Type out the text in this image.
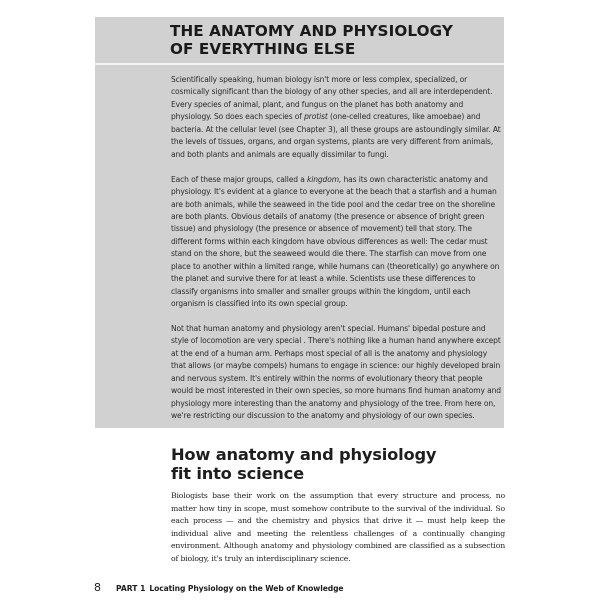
THE ANATOMY AND PHYSIOLOGY
OF EVERYTHING ELSE

Scientifically speaking, human biology isn't more or less complex, specialized, or cosmically significant than the biology of any other species, and all are interdependent. Every species of animal, plant, and fungus on the planet has both anatomy and physiology. So does each species of protist (one-celled creatures, like amoebae) and bacteria. At the cellular level (see Chapter 3), all these groups are astoundingly similar. At the levels of tissues, organs, and organ systems, plants are very different from animals, and both plants and animals are equally dissimilar to fungi.

Each of these major groups, called a kingdom, has its own characteristic anatomy and physiology. It's evident at a glance to everyone at the beach that a starfish and a human are both animals, while the seaweed in the tide pool and the cedar tree on the shoreline are both plants. Obvious details of anatomy (the presence or absence of bright green tissue) and physiology (the presence or absence of movement) tell that story. The different forms within each kingdom have obvious differences as well: The cedar must stand on the shore, but the seaweed would die there. The starfish can move from one place to another within a limited range, while humans can (theoretically) go anywhere on the planet and survive there for at least a while. Scientists use these differences to classify organisms into smaller and smaller groups within the kingdom, until each organism is classified into its own special group.

Not that human anatomy and physiology aren't special. Humans' bipedal posture and style of locomotion are very special . There's nothing like a human hand anywhere except at the end of a human arm. Perhaps most special of all is the anatomy and physiology that allows (or maybe compels) humans to engage in science: our highly developed brain and nervous system. It's entirely within the norms of evolutionary theory that people would be most interested in their own species, so more humans find human anatomy and physiology more interesting than the anatomy and physiology of the tree. From here on, we're restricting our discussion to the anatomy and physiology of our own species.

How anatomy and physiology
fit into science

Biologists base their work on the assumption that every structure and process, no matter how tiny in scope, must somehow contribute to the survival of the individual. So each process — and the chemistry and physics that drive it — must help keep the individual alive and meeting the relentless challenges of a continually changing environment. Although anatomy and physiology combined are classified as a subsection of biology, it's truly an interdisciplinary science.

8	PART 1 Locating Physiology on the Web of Knowledge
